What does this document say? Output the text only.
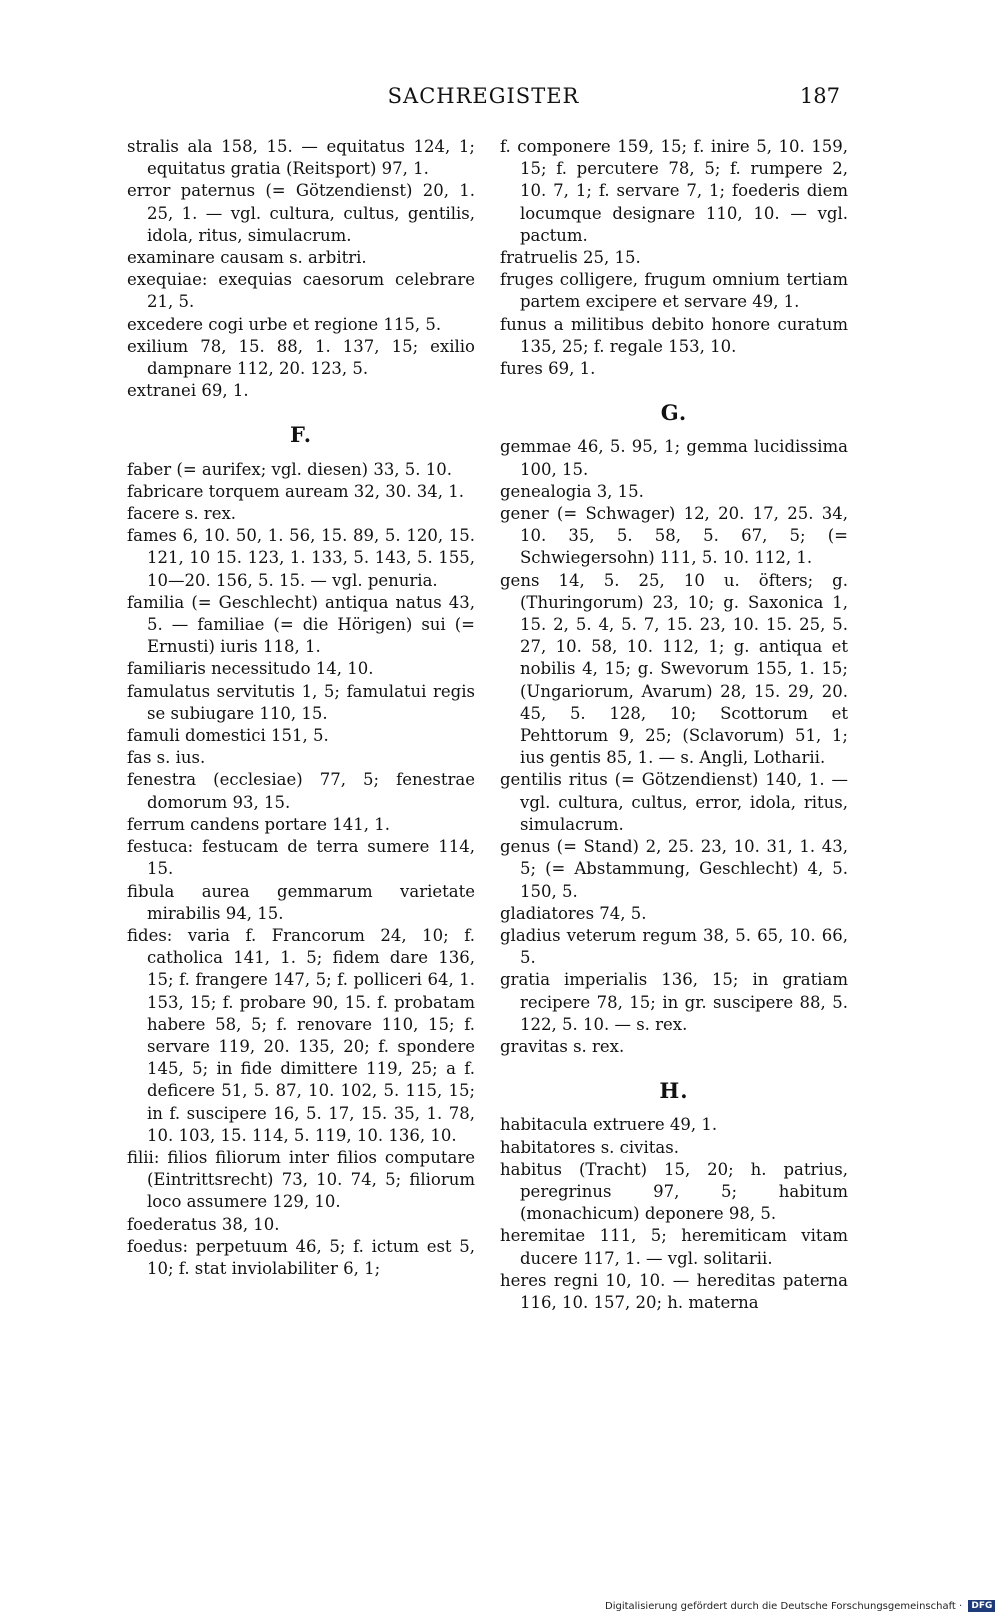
SACHREGISTER	187

stralis ala 158, 15. — equitatus 124, 1; equitatus gratia (Reitsport) 97, 1.

error paternus (= Götzendienst) 20, 1. 25, 1. — vgl. cultura, cultus, gentilis, idola, ritus, simulacrum.

examinare causam s. arbitri.

exequiae: exequias caesorum celebrare 21, 5.

excedere cogi urbe et regione 115, 5.

exilium 78, 15. 88, 1. 137, 15; exilio dampnare 112, 20. 123, 5.

extranei 69, 1.

F.

faber (= aurifex; vgl. diesen) 33, 5. 10.

fabricare torquem auream 32, 30. 34, 1.

facere s. rex.

fames 6, 10. 50, 1. 56, 15. 89, 5. 120, 15. 121, 10 15. 123, 1. 133, 5. 143, 5. 155, 10—20. 156, 5. 15. — vgl. penuria.

familia (= Geschlecht) antiqua natus 43, 5. — familiae (= die Hörigen) sui (= Ernusti) iuris 118, 1.

familiaris necessitudo 14, 10.

famulatus servitutis 1, 5; famulatui regis se subiugare 110, 15.

famuli domestici 151, 5.

fas s. ius.

fenestra (ecclesiae) 77, 5; fenestrae domorum 93, 15.

ferrum candens portare 141, 1.

festuca: festucam de terra sumere 114, 15.

fibula aurea gemmarum varietate mirabilis 94, 15.

fides: varia f. Francorum 24, 10; f. catholica 141, 1. 5; fidem dare 136, 15; f. frangere 147, 5; f. polliceri 64, 1. 153, 15; f. probare 90, 15. f. probatam habere 58, 5; f. renovare 110, 15; f. servare 119, 20. 135, 20; f. spondere 145, 5; in fide dimittere 119, 25; a f. deficere 51, 5. 87, 10. 102, 5. 115, 15; in f. suscipere 16, 5. 17, 15. 35, 1. 78, 10. 103, 15. 114, 5. 119, 10. 136, 10.

filii: filios filiorum inter filios computare (Eintrittsrecht) 73, 10. 74, 5; filiorum loco assumere 129, 10.

foederatus 38, 10.

foedus: perpetuum 46, 5; f. ictum est 5, 10; f. stat inviolabiliter 6, 1;

f. componere 159, 15; f. inire 5, 10. 159, 15; f. percutere 78, 5; f. rumpere 2, 10. 7, 1; f. servare 7, 1; foederis diem locumque designare 110, 10. — vgl. pactum.

fratruelis 25, 15.

fruges colligere, frugum omnium tertiam partem excipere et servare 49, 1.

funus a militibus debito honore curatum 135, 25; f. regale 153, 10.

fures 69, 1.

G.

gemmae 46, 5. 95, 1; gemma lucidissima 100, 15.

genealogia 3, 15.

gener (= Schwager) 12, 20. 17, 25. 34, 10. 35, 5. 58, 5. 67, 5; (= Schwiegersohn) 111, 5. 10. 112, 1.

gens 14, 5. 25, 10 u. öfters; g. (Thuringorum) 23, 10; g. Saxonica 1, 15. 2, 5. 4, 5. 7, 15. 23, 10. 15. 25, 5. 27, 10. 58, 10. 112, 1; g. antiqua et nobilis 4, 15; g. Swevorum 155, 1. 15; (Ungariorum, Avarum) 28, 15. 29, 20. 45, 5. 128, 10; Scottorum et Pehttorum 9, 25; (Sclavorum) 51, 1; ius gentis 85, 1. — s. Angli, Lotharii.

gentilis ritus (= Götzendienst) 140, 1. — vgl. cultura, cultus, error, idola, ritus, simulacrum.

genus (= Stand) 2, 25. 23, 10. 31, 1. 43, 5; (= Abstammung, Geschlecht) 4, 5. 150, 5.

gladiatores 74, 5.

gladius veterum regum 38, 5. 65, 10. 66, 5.

gratia imperialis 136, 15; in gratiam recipere 78, 15; in gr. suscipere 88, 5. 122, 5. 10. — s. rex.

gravitas s. rex.

H.

habitacula extruere 49, 1.

habitatores s. civitas.

habitus (Tracht) 15, 20; h. patrius, peregrinus 97, 5; habitum (monachicum) deponere 98, 5.

heremitae 111, 5; heremiticam vitam ducere 117, 1. — vgl. solitarii.

heres regni 10, 10. — hereditas paterna 116, 10. 157, 20; h. materna

Digitalisierung gefördert durch die Deutsche Forschungsgemeinschaft · DFG
